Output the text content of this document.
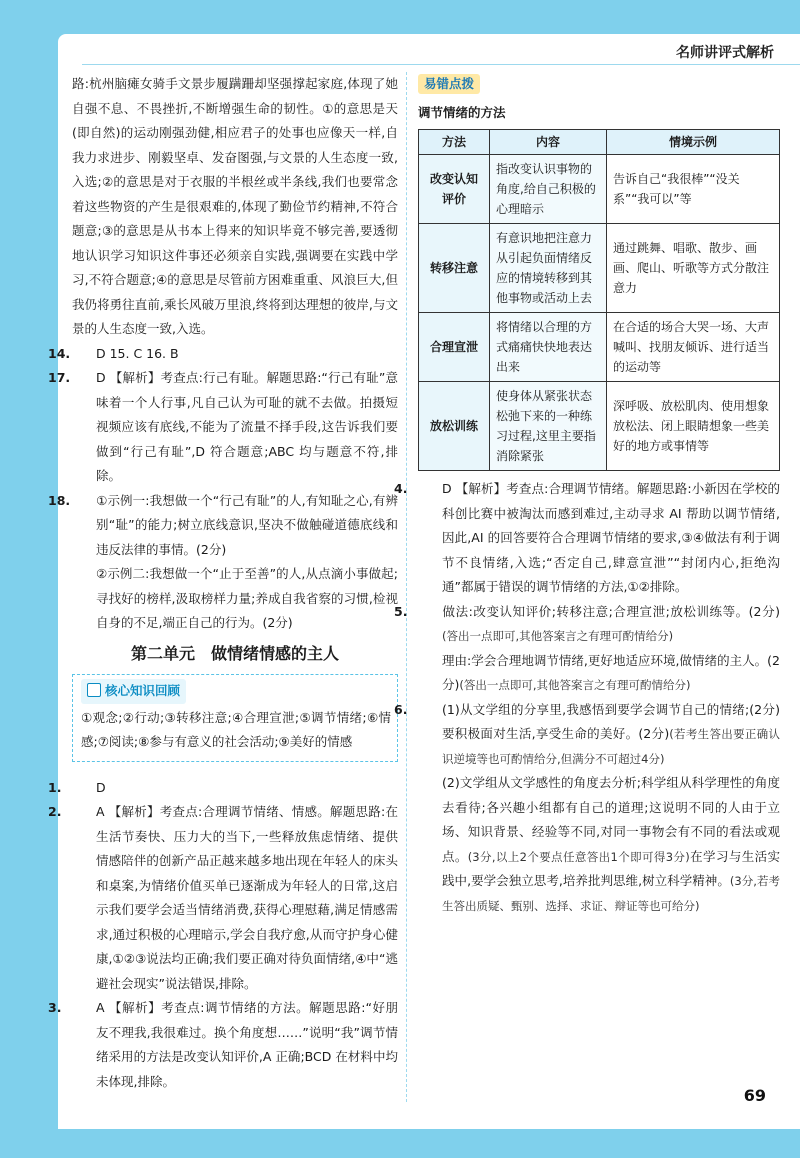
名师讲评式解析

路:杭州脑瘫女骑手文景步履蹒跚却坚强撑起家庭,体现了她自强不息、不畏挫折,不断增强生命的韧性。①的意思是天(即自然)的运动刚强劲健,相应君子的处事也应像天一样,自我力求进步、刚毅坚卓、发奋图强,与文景的人生态度一致,入选;②的意思是对于衣服的半根丝或半条线,我们也要常念着这些物资的产生是很艰难的,体现了勤俭节约精神,不符合题意;③的意思是从书本上得来的知识毕竟不够完善,要透彻地认识学习知识这件事还必须亲自实践,强调要在实践中学习,不符合题意;④的意思是尽管前方困难重重、风浪巨大,但我仍将勇往直前,乘长风破万里浪,终将到达理想的彼岸,与文景的人生态度一致,入选。

14. D 15. C 16. B

17. D 【解析】考查点:行己有耻。解题思路:“行己有耻”意味着一个人行事,凡自己认为可耻的就不去做。拍摄短视频应该有底线,不能为了流量不择手段,这告诉我们要做到“行己有耻”,D 符合题意;ABC 均与题意不符,排除。

18. ①示例一:我想做一个“行己有耻”的人,有知耻之心,有辨别“耻”的能力;树立底线意识,坚决不做触碰道德底线和违反法律的事情。(2分)

②示例二:我想做一个“止于至善”的人,从点滴小事做起;寻找好的榜样,汲取榜样力量;养成自我省察的习惯,检视自身的不足,端正自己的行为。(2分)

第二单元　做情绪情感的主人
核心知识回顾

①观念;②行动;③转移注意;④合理宣泄;⑤调节情绪;⑥情感;⑦阅读;⑧参与有意义的社会活动;⑨美好的情感

1.	D

2.	A 【解析】考查点:合理调节情绪、情感。解题思路:在生活节奏快、压力大的当下,一些释放焦虑情绪、提供情感陪伴的创新产品正越来越多地出现在年轻人的床头和桌案,为情绪价值买单已逐渐成为年轻人的日常,这启示我们要学会适当情绪消费,获得心理慰藉,满足情感需求,通过积极的心理暗示,学会自我疗愈,从而守护身心健康,①②③说法均正确;我们要正确对待负面情绪,④中“逃避社会现实”说法错误,排除。

3.	A 【解析】考查点:调节情绪的方法。解题思路:“好朋友不理我,我很难过。换个角度想……”说明“我”调节情绪采用的方法是改变认知评价,A 正确;BCD 在材料中均未体现,排除。

易错点拨
调节情绪的方法
方法	内容	情境示例
改变认知评价	指改变认识事物的角度,给自己积极的心理暗示	告诉自己“我很棒”“没关系”“我可以”等
转移注意	有意识地把注意力从引起负面情绪反应的情境转移到其他事物或活动上去	通过跳舞、唱歌、散步、画画、爬山、听歌等方式分散注意力
合理宣泄	将情绪以合理的方式痛痛快快地表达出来	在合适的场合大哭一场、大声喊叫、找朋友倾诉、进行适当的运动等
放松训练	使身体从紧张状态松弛下来的一种练习过程,这里主要指消除紧张	深呼吸、放松肌肉、使用想象放松法、闭上眼睛想象一些美好的地方或事情等

4.	D 【解析】考查点:合理调节情绪。解题思路:小新因在学校的科创比赛中被淘汰而感到难过,主动寻求 AI 帮助以调节情绪,因此,AI 的回答要符合合理调节情绪的要求,③④做法有利于调节不良情绪,入选;“否定自己,肆意宣泄”“封闭内心,拒绝沟通”都属于错误的调节情绪的方法,①②排除。

5.	做法:改变认知评价;转移注意;合理宣泄;放松训练等。(2分)(答出一点即可,其他答案言之有理可酌情给分)

理由:学会合理地调节情绪,更好地适应环境,做情绪的主人。(2分)(答出一点即可,其他答案言之有理可酌情给分)

6.	(1)从文学组的分享里,我感悟到要学会调节自己的情绪;(2分)要积极面对生活,享受生命的美好。(2分)(若考生答出要正确认识逆境等也可酌情给分,但满分不可超过4分)

(2)文学组从文学感性的角度去分析;科学组从科学理性的角度去看待;各兴趣小组都有自己的道理;这说明不同的人由于立场、知识背景、经验等不同,对同一事物会有不同的看法或观点。(3分,以上2个要点任意答出1个即可得3分)在学习与生活实践中,要学会独立思考,培养批判思维,树立科学精神。(3分,若考生答出质疑、甄别、选择、求证、辩证等也可给分)

69
